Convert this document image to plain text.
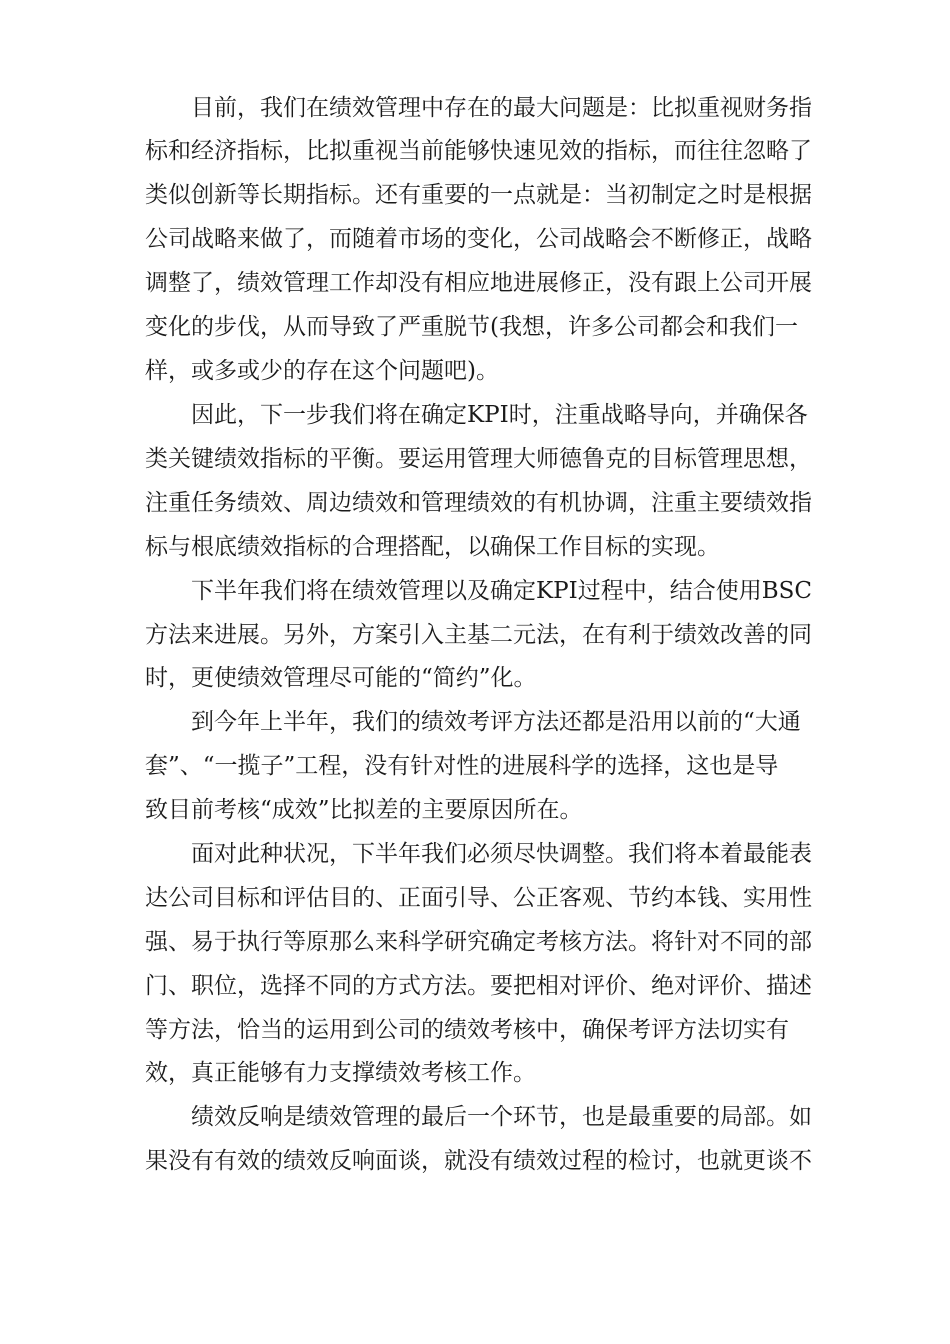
目前，我们在绩效管理中存在的最大问题是：比拟重视财务指
标和经济指标，比拟重视当前能够快速见效的指标，而往往忽略了
类似创新等长期指标。还有重要的一点就是：当初制定之时是根据
公司战略来做了，而随着市场的变化，公司战略会不断修正，战略
调整了，绩效管理工作却没有相应地进展修正，没有跟上公司开展
变化的步伐，从而导致了严重脱节(我想，许多公司都会和我们一
样，或多或少的存在这个问题吧)。
因此，下一步我们将在确定KPI时，注重战略导向，并确保各
类关键绩效指标的平衡。要运用管理大师德鲁克的目标管理思想，
注重任务绩效、周边绩效和管理绩效的有机协调，注重主要绩效指
标与根底绩效指标的合理搭配，以确保工作目标的实现。
下半年我们将在绩效管理以及确定KPI过程中，结合使用BSC
方法来进展。另外，方案引入主基二元法，在有利于绩效改善的同
时，更使绩效管理尽可能的“简约”化。
到今年上半年，我们的绩效考评方法还都是沿用以前的“大通
套”、“一揽子”工程，没有针对性的进展科学的选择，这也是导
致目前考核“成效”比拟差的主要原因所在。
面对此种状况，下半年我们必须尽快调整。我们将本着最能表
达公司目标和评估目的、正面引导、公正客观、节约本钱、实用性
强、易于执行等原那么来科学研究确定考核方法。将针对不同的部
门、职位，选择不同的方式方法。要把相对评价、绝对评价、描述
等方法，恰当的运用到公司的绩效考核中，确保考评方法切实有
效，真正能够有力支撑绩效考核工作。
绩效反响是绩效管理的最后一个环节，也是最重要的局部。如
果没有有效的绩效反响面谈，就没有绩效过程的检讨，也就更谈不
